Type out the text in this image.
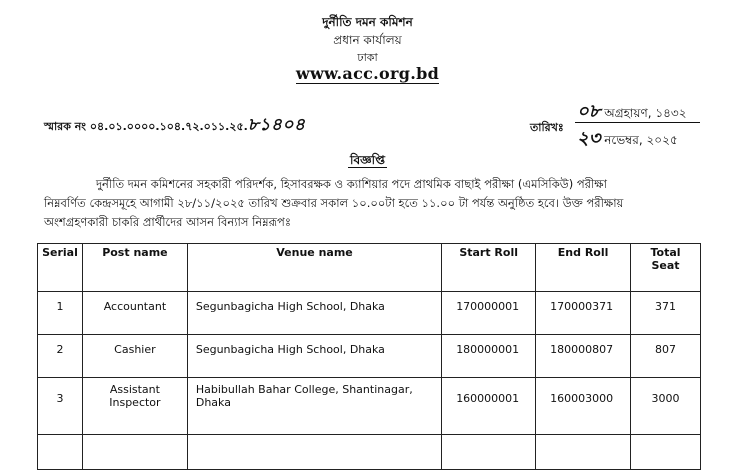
দুর্নীতি দমন কমিশন
প্রধান কার্যালয়
ঢাকা
www.acc.org.bd
স্মারক নং ০৪.০১.০০০০.১০৪.৭২.০১১.২৫.৮১৪০৪	তারিখঃ
০৮ অগ্রহায়ণ, ১৪৩২
২৩ নভেম্বর, ২০২৫
বিজ্ঞপ্তি
দুর্নীতি দমন কমিশনের সহকারী পরিদর্শক, হিসাবরক্ষক ও ক্যাশিয়ার পদে প্রাথমিক বাছাই পরীক্ষা (এমসিকিউ) পরীক্ষা
নিম্নবর্ণিত কেন্দ্রসমূহে আগামী ২৮/১১/২০২৫ তারিখ শুক্রবার সকাল ১০.০০টা হতে ১১.০০ টা পর্যন্ত অনুষ্ঠিত হবে। উক্ত পরীক্ষায়
অংশগ্রহণকারী চাকরি প্রার্থীদের আসন বিন্যাস নিম্নরূপঃ
Serial	Post name	Venue name	Start Roll	End Roll	Total Seat
1	Accountant	Segunbagicha High School, Dhaka	170000001	170000371	371
2	Cashier	Segunbagicha High School, Dhaka	180000001	180000807	807
3	Assistant Inspector	Habibullah Bahar College, Shantinagar, Dhaka	160000001	160003000	3000
